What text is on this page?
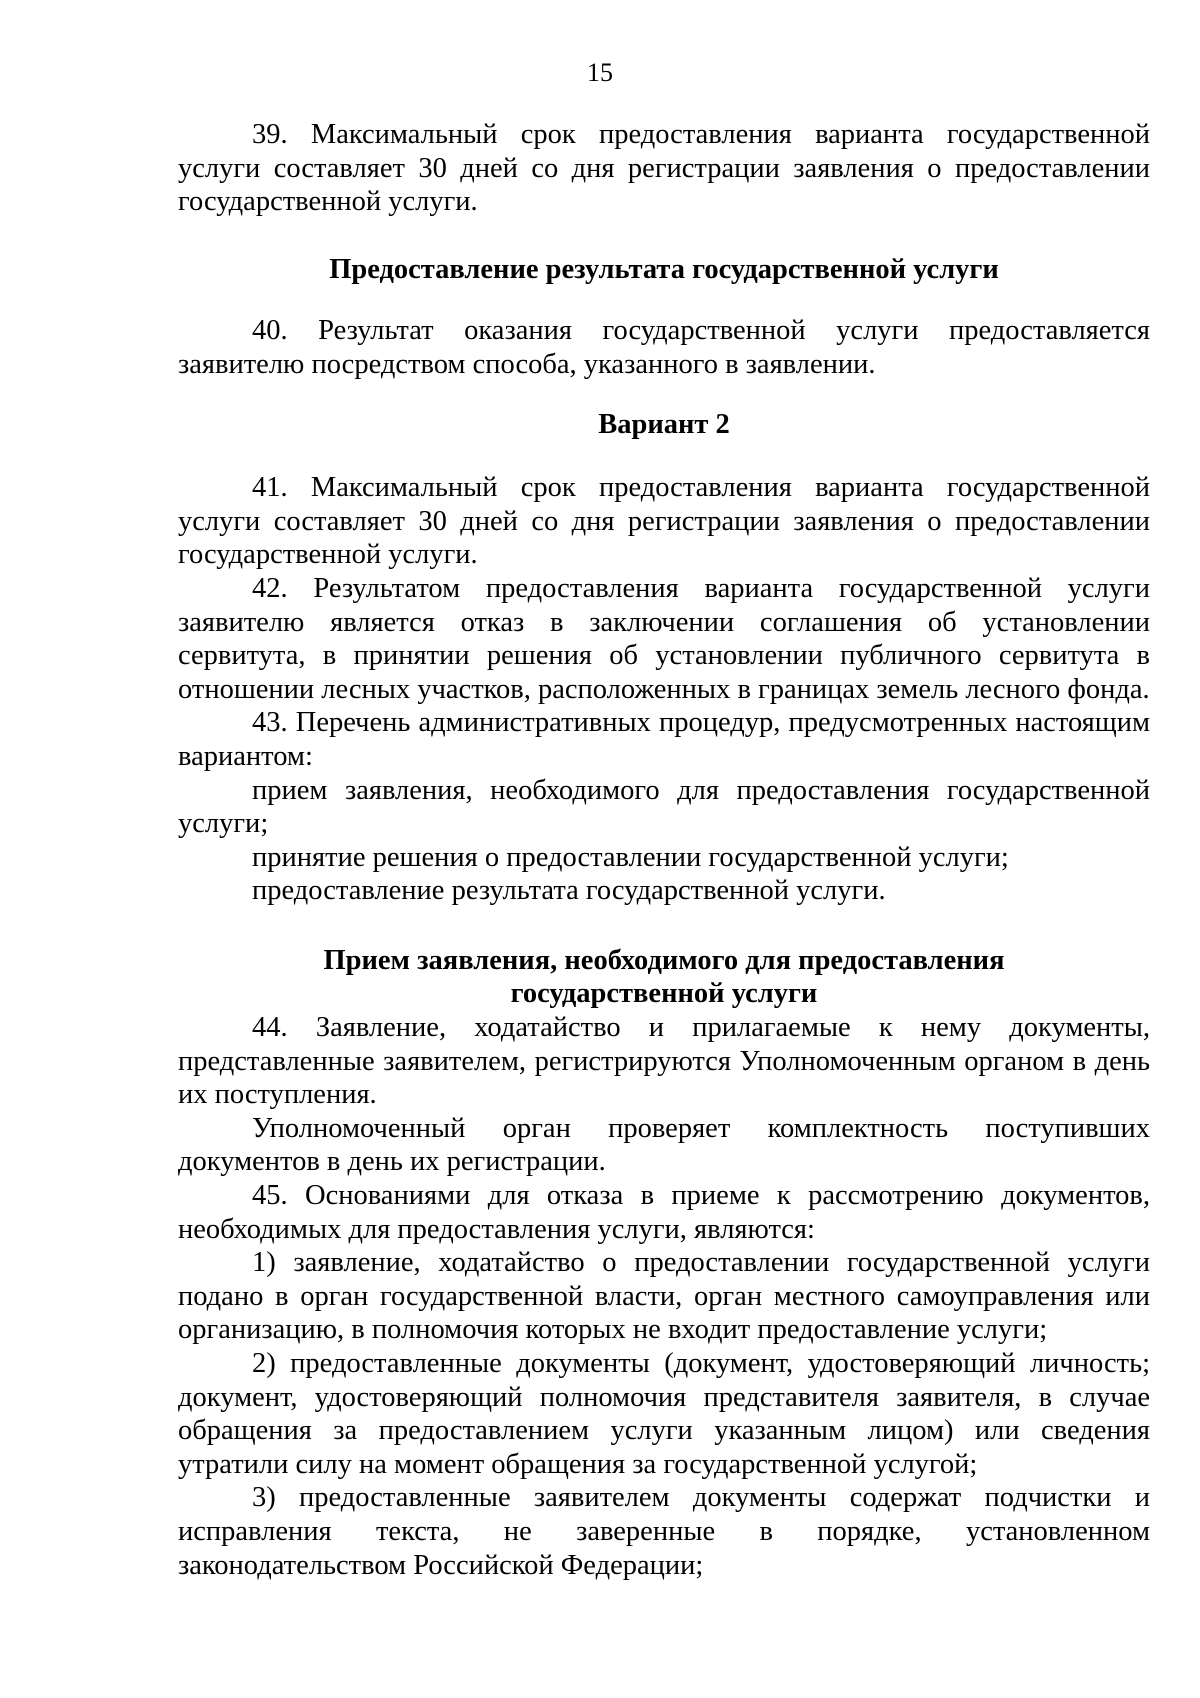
15

39. Максимальный срок предоставления варианта государственной услуги составляет 30 дней со дня регистрации заявления о предоставлении государственной услуги.

Предоставление результата государственной услуги

40. Результат оказания государственной услуги предоставляется заявителю посредством способа, указанного в заявлении.

Вариант 2

41. Максимальный срок предоставления варианта государственной услуги составляет 30 дней со дня регистрации заявления о предоставлении государственной услуги.

42. Результатом предоставления варианта государственной услуги заявителю является отказ в заключении соглашения об установлении сервитута, в принятии решения об установлении публичного сервитута в отношении лесных участков, расположенных в границах земель лесного фонда.

43. Перечень административных процедур, предусмотренных настоящим вариантом:

прием заявления, необходимого для предоставления государственной услуги;

принятие решения о предоставлении государственной услуги;

предоставление результата государственной услуги.

Прием заявления, необходимого для предоставления
государственной услуги

44. Заявление, ходатайство и прилагаемые к нему документы, представленные заявителем, регистрируются Уполномоченным органом в день их поступления.

Уполномоченный орган проверяет комплектность поступивших документов в день их регистрации.

45. Основаниями для отказа в приеме к рассмотрению документов, необходимых для предоставления услуги, являются:

1) заявление, ходатайство о предоставлении государственной услуги подано в орган государственной власти, орган местного самоуправления или организацию, в полномочия которых не входит предоставление услуги;

2) предоставленные документы (документ, удостоверяющий личность; документ, удостоверяющий полномочия представителя заявителя, в случае обращения за предоставлением услуги указанным лицом) или сведения утратили силу на момент обращения за государственной услугой;

3) предоставленные заявителем документы содержат подчистки и исправления текста, не заверенные в порядке, установленном законодательством Российской Федерации;
